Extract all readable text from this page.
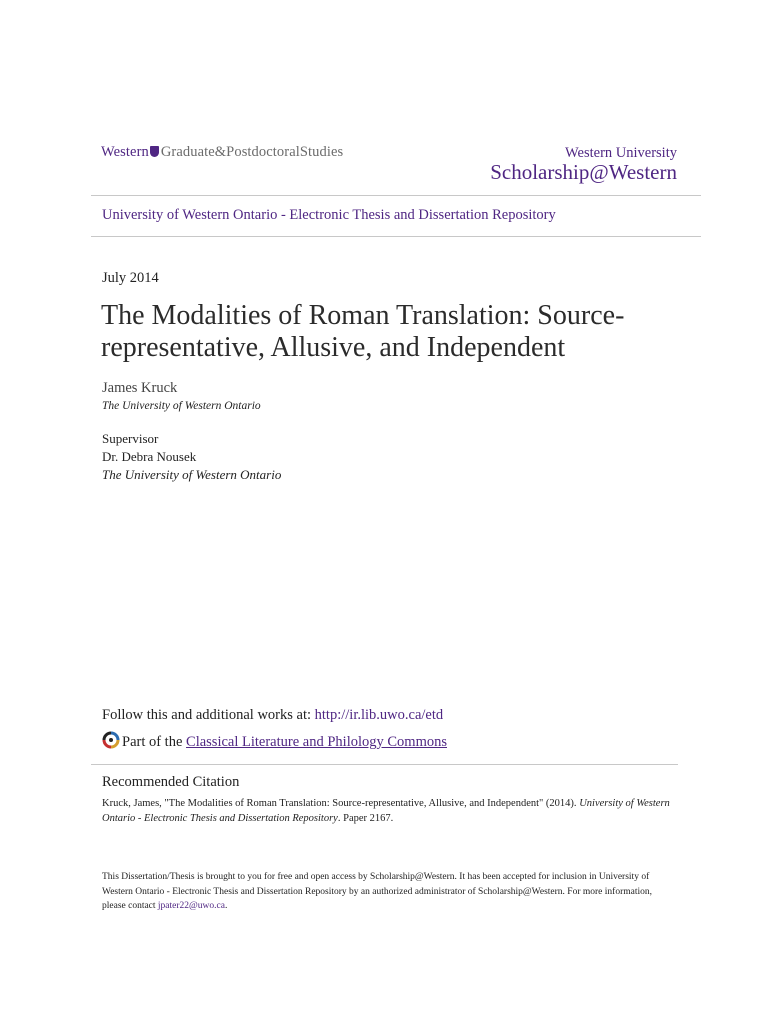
Western Graduate&PostdoctoralStudies	Western University
Scholarship@Western
University of Western Ontario - Electronic Thesis and Dissertation Repository
July 2014
The Modalities of Roman Translation: Source-
representative, Allusive, and Independent
James Kruck
The University of Western Ontario
Supervisor
Dr. Debra Nousek
The University of Western Ontario
Follow this and additional works at: http://ir.lib.uwo.ca/etd
Part of the Classical Literature and Philology Commons
Recommended Citation
Kruck, James, "The Modalities of Roman Translation: Source-representative, Allusive, and Independent" (2014). University of Western Ontario - Electronic Thesis and Dissertation Repository. Paper 2167.
This Dissertation/Thesis is brought to you for free and open access by Scholarship@Western. It has been accepted for inclusion in University of Western Ontario - Electronic Thesis and Dissertation Repository by an authorized administrator of Scholarship@Western. For more information, please contact jpater22@uwo.ca.
